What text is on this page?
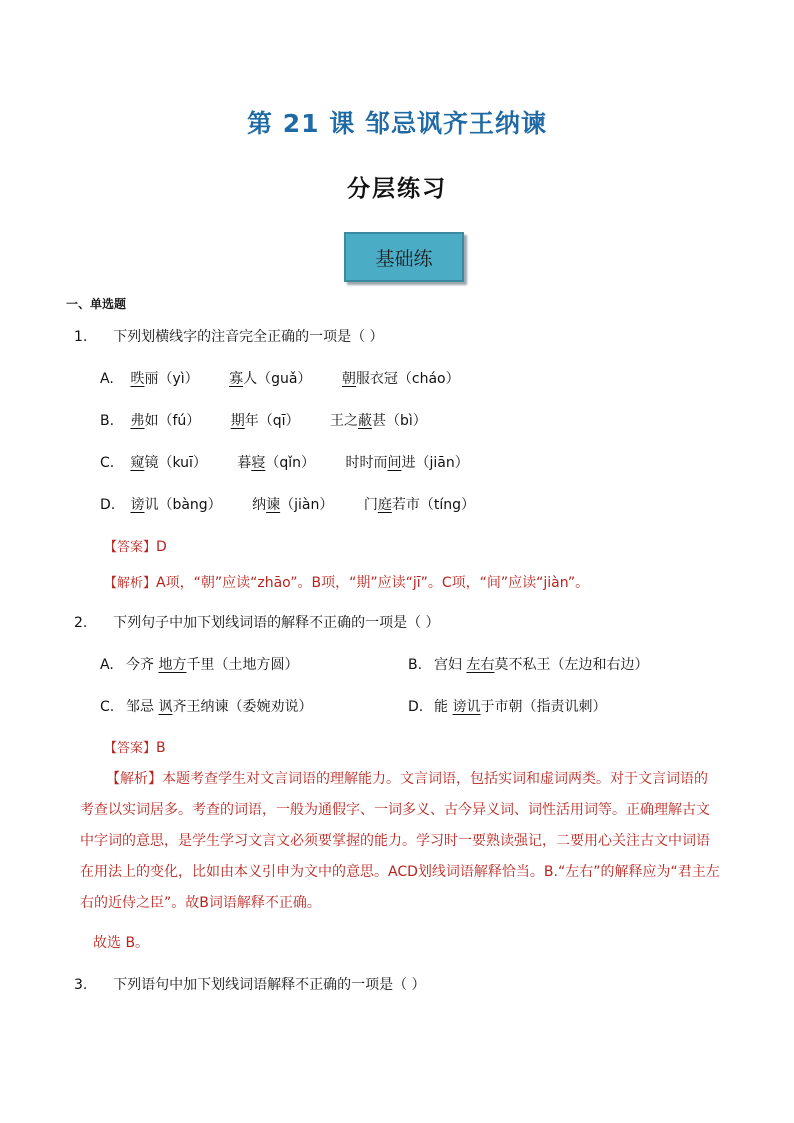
第 21 课 邹忌讽齐王纳谏
分层练习
基础练
一、单选题
1. 下列划横线字的注音完全正确的一项是（ ）
A. 昳丽（yì） 寡人（guǎ） 朝服衣冠（cháo）
B. 弗如（fú） 期年（qī） 王之蔽甚（bì）
C. 窥镜（kuī） 暮寝（qǐn） 时时而间进（jiān）
D. 谤讥（bàng） 纳谏（jiàn） 门庭若市（tíng）
【答案】D
【解析】A项，“朝”应读“zhāo”。B项，“期”应读“jī”。C项，“间”应读“jiàn”。
2. 下列句子中加下划线词语的解释不正确的一项是（ ）
A. 今齐 地方千里（土地方圆）	B. 宫妇 左右莫不私王（左边和右边）
C. 邹忌 讽齐王纳谏（委婉劝说）	D. 能 谤讥于市朝（指责讥刺）
【答案】B
【解析】本题考查学生对文言词语的理解能力。文言词语，包括实词和虚词两类。对于文言词语的考查以实词居多。考查的词语，一般为通假字、一词多义、古今异义词、词性活用词等。正确理解古文中字词的意思，是学生学习文言文必须要掌握的能力。学习时一要熟读强记，二要用心关注古文中词语在用法上的变化，比如由本义引申为文中的意思。ACD划线词语解释恰当。B.“左右”的解释应为“君主左右的近侍之臣”。故B词语解释不正确。
故选 B。
3. 下列语句中加下划线词语解释不正确的一项是（ ）
